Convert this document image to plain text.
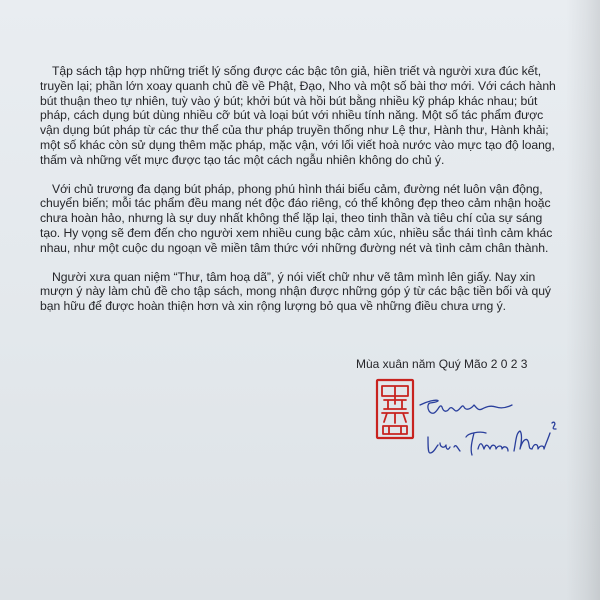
Tập sách tập hợp những triết lý sống được các bậc tôn giả, hiền triết và người xưa đúc kết, truyền lại; phần lớn xoay quanh chủ đề về Phật, Đạo, Nho và một số bài thơ mới. Với cách hành bút thuận theo tự nhiên, tuỳ vào ý bút; khởi bút và hồi bút bằng nhiều kỹ pháp khác nhau; bút pháp, cách dụng bút dùng nhiều cỡ bút và loại bút với nhiều tính năng. Một số tác phẩm được vận dụng bút pháp từ các thư thể của thư pháp truyền thống như Lệ thư, Hành thư, Hành khải; một số khác còn sử dụng thêm mặc pháp, mặc vận, với lối viết hoà nước vào mực tạo độ loang, thấm và những vết mực được tạo tác một cách ngẫu nhiên không do chủ ý.

Với chủ trương đa dạng bút pháp, phong phú hình thái biểu cảm, đường nét luôn vận động, chuyển biến; mỗi tác phẩm đều mang nét độc đáo riêng, có thể không đẹp theo cảm nhận hoặc chưa hoàn hảo, nhưng là sự duy nhất không thể lặp lại, theo tinh thần và tiêu chí của sự sáng tạo. Hy vọng sẽ đem đến cho người xem nhiều cung bậc cảm xúc, nhiều sắc thái tình cảm khác nhau, như một cuộc du ngoạn về miền tâm thức với những đường nét và tình cảm chân thành.

Người xưa quan niệm “Thư, tâm hoạ dã”, ý nói viết chữ như vẽ tâm mình lên giấy. Nay xin mượn ý này làm chủ đề cho tập sách, mong nhận được những góp ý từ các bậc tiền bối và quý bạn hữu để được hoàn thiện hơn và xin rộng lượng bỏ qua về những điều chưa ưng ý.

Mùa xuân năm Quý Mão 2 0 2 3
